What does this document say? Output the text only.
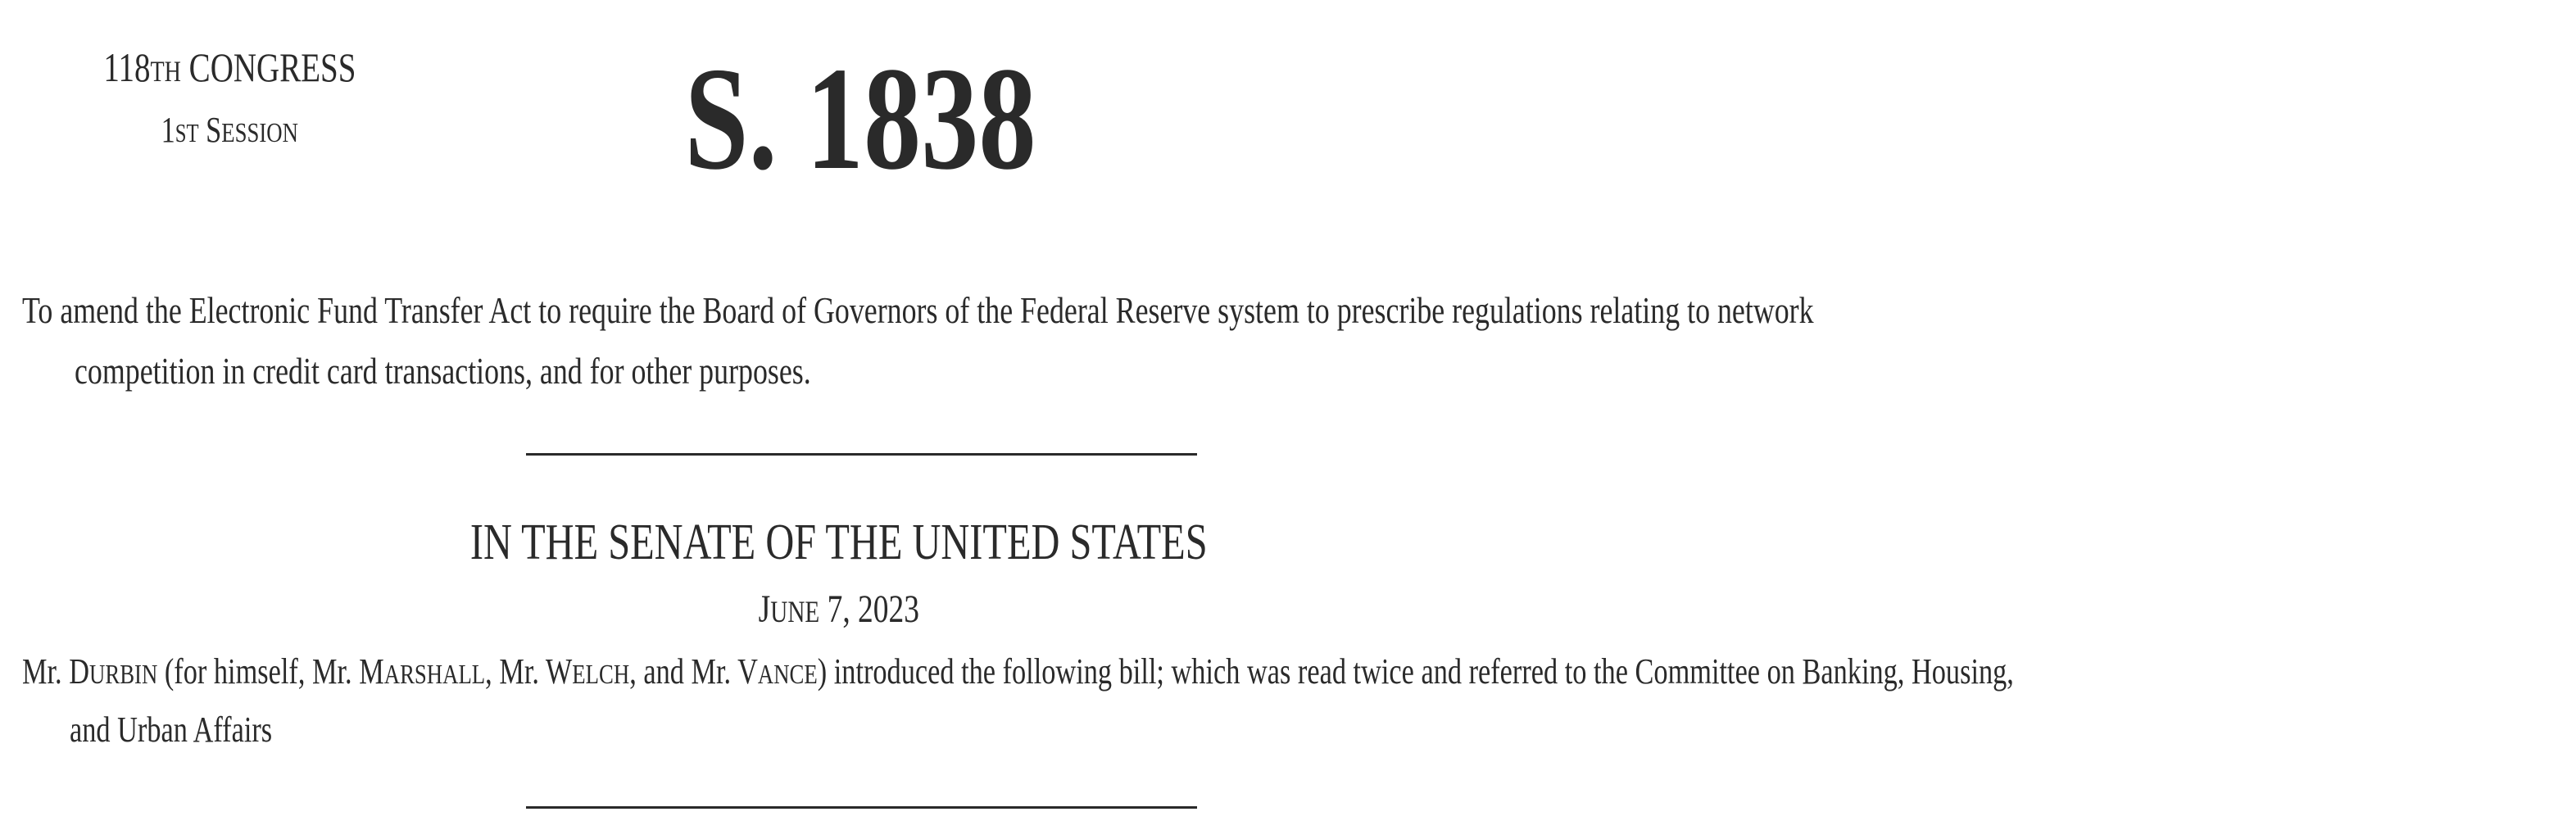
118TH CONGRESS
1ST SESSION	S. 1838
To amend the Electronic Fund Transfer Act to require the Board of Governors of the Federal Reserve system to prescribe regulations relating to network
competition in credit card transactions, and for other purposes.
IN THE SENATE OF THE UNITED STATES
JUNE 7, 2023
Mr. DURBIN (for himself, Mr. MARSHALL, Mr. WELCH, and Mr. VANCE) introduced the following bill; which was read twice and referred to the Committee on Banking, Housing,
and Urban Affairs
